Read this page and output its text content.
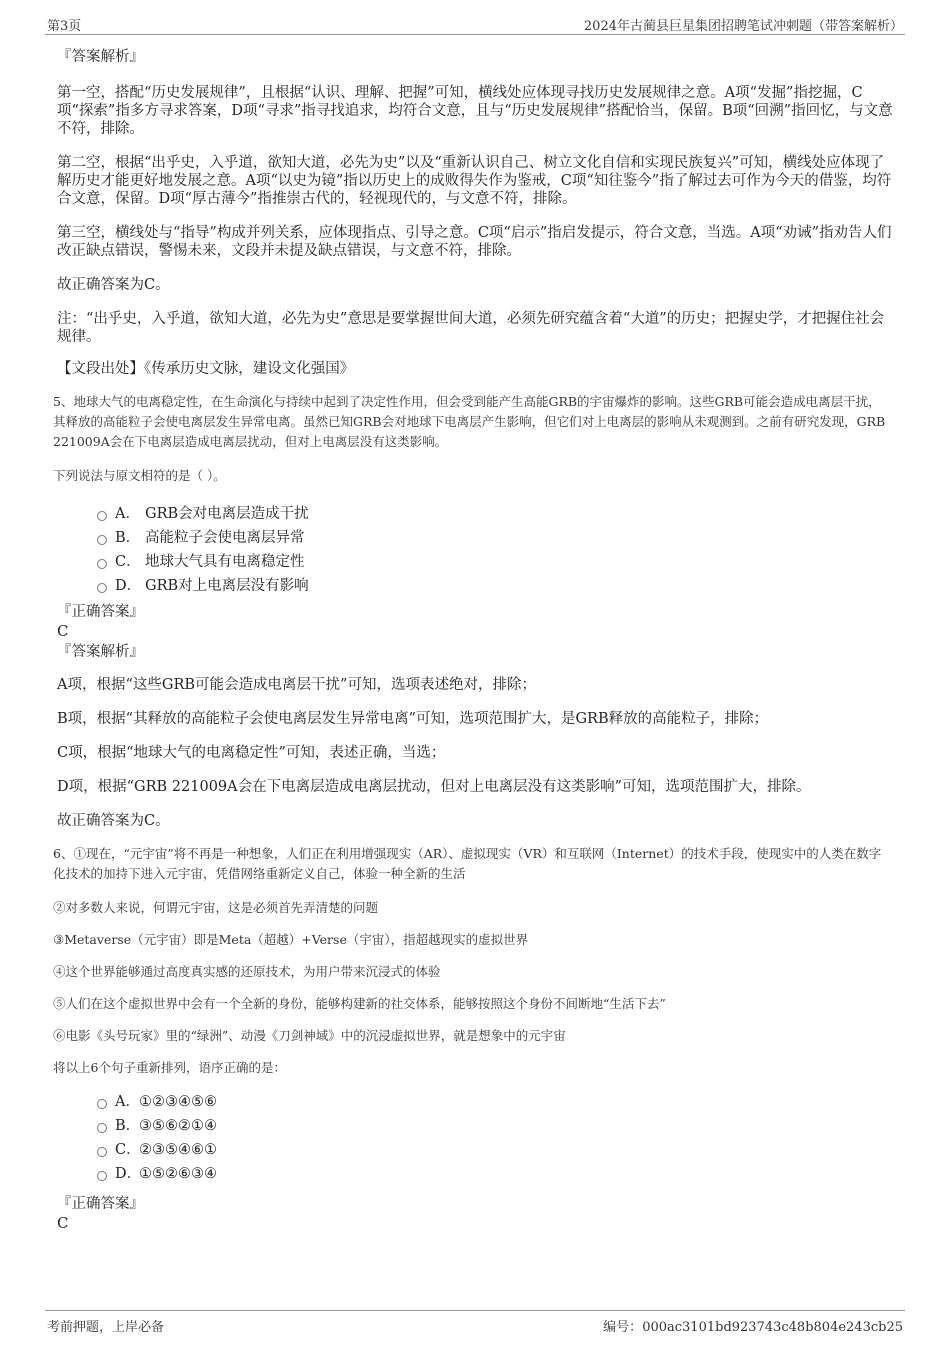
第3页	2024年古蔺县巨星集团招聘笔试冲刺题（带答案解析）

『答案解析』

第一空，搭配“历史发展规律”，且根据“认识、理解、把握”可知，横线处应体现寻找历史发展规律之意。A项“发掘”指挖掘，C项“探索”指多方寻求答案，D项“寻求”指寻找追求，均符合文意，且与“历史发展规律”搭配恰当，保留。B项“回溯”指回忆，与文意不符，排除。

第二空，根据“出乎史，入乎道，欲知大道，必先为史”以及“重新认识自己、树立文化自信和实现民族复兴”可知，横线处应体现了解历史才能更好地发展之意。A项“以史为镜”指以历史上的成败得失作为鉴戒，C项“知往鉴今”指了解过去可作为今天的借鉴，均符合文意，保留。D项“厚古薄今”指推崇古代的，轻视现代的，与文意不符，排除。

第三空，横线处与“指导”构成并列关系，应体现指点、引导之意。C项“启示”指启发提示，符合文意，当选。A项“劝诫”指劝告人们改正缺点错误，警惕未来，文段并未提及缺点错误，与文意不符，排除。

故正确答案为C。

注：“出乎史，入乎道，欲知大道，必先为史”意思是要掌握世间大道，必须先研究蕴含着“大道”的历史；把握史学，才把握住社会规律。

【文段出处】《传承历史文脉，建设文化强国》

5、地球大气的电离稳定性，在生命演化与持续中起到了决定性作用，但会受到能产生高能GRB的宇宙爆炸的影响。这些GRB可能会造成电离层干扰，其释放的高能粒子会使电离层发生异常电离。虽然已知GRB会对地球下电离层产生影响，但它们对上电离层的影响从未观测到。之前有研究发现，GRB 221009A会在下电离层造成电离层扰动，但对上电离层没有这类影响。

下列说法与原文相符的是（ ）。

A． GRB会对电离层造成干扰
B． 高能粒子会使电离层异常
C． 地球大气具有电离稳定性
D． GRB对上电离层没有影响

『正确答案』

C

『答案解析』

A项，根据“这些GRB可能会造成电离层干扰”可知，选项表述绝对，排除；

B项，根据“其释放的高能粒子会使电离层发生异常电离”可知，选项范围扩大，是GRB释放的高能粒子，排除；

C项，根据“地球大气的电离稳定性”可知，表述正确，当选；

D项，根据“GRB 221009A会在下电离层造成电离层扰动，但对上电离层没有这类影响”可知，选项范围扩大，排除。

故正确答案为C。

6、①现在，“元宇宙”将不再是一种想象，人们正在利用增强现实（AR）、虚拟现实（VR）和互联网（Internet）的技术手段，使现实中的人类在数字化技术的加持下进入元宇宙，凭借网络重新定义自己，体验一种全新的生活

②对多数人来说，何谓元宇宙，这是必须首先弄清楚的问题

③Metaverse（元宇宙）即是Meta（超越）+Verse（宇宙），指超越现实的虚拟世界

④这个世界能够通过高度真实感的还原技术，为用户带来沉浸式的体验

⑤人们在这个虚拟世界中会有一个全新的身份，能够构建新的社交体系，能够按照这个身份不间断地“生活下去”

⑥电影《头号玩家》里的“绿洲”、动漫《刀剑神域》中的沉浸虚拟世界，就是想象中的元宇宙

将以上6个句子重新排列，语序正确的是：

A．①②③④⑤⑥
B．③⑤⑥②①④
C．②③⑤④⑥①
D．①⑤②⑥③④

『正确答案』

C

考前押题，上岸必备	编号：000ac3101bd923743c48b804e243cb25
